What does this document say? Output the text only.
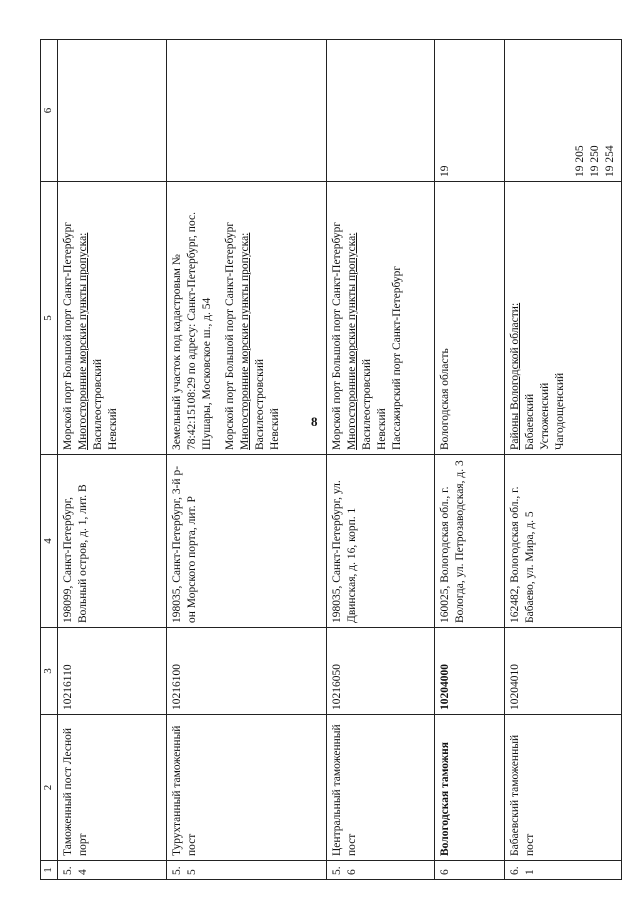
8
1	2	3	4	5	6
5.4	Таможенный пост Лесной порт	10216110	198099, Санкт-Петербург, Вольный остров, д. 1, лит. В	Морской порт Большой порт Санкт-Петербург Многосторонние морские пункты пропуска: Василеостровский Невский	

5.5	Турухтанный таможенный пост	10216100	198035, Санкт-Петербург, 3-й р-он Морского порта, лит. Р	Земельный участок под кадастровым № 78:42:15108:29 по адресу: Санкт-Петербург, пос. Шушары, Московское ш., д. 54 Морской порт Большой порт Санкт-Петербург Многосторонние морские пункты пропуска: Василеостровский Невский	

5.6	Центральный таможенный пост	10216050	198035, Санкт-Петербург, ул. Двинская, д. 16, корп. 1	Морской порт Большой порт Санкт-Петербург Многосторонние морские пункты пропуска: Василеостровский Невский Пассажирский порт Санкт-Петербург	

6	Вологодская таможня	10204000	160025, Вологодская обл., г. Вологда, ул. Петрозаводская, д. 3	Вологодская область	19
6.1	Бабаевский таможенный пост	10204010	162482, Вологодская обл., г. Бабаево, ул. Мира, д. 5	Районы Вологодской области: Бабаевский Устюженский Чагодощенский	19 205
19 250
19 254
